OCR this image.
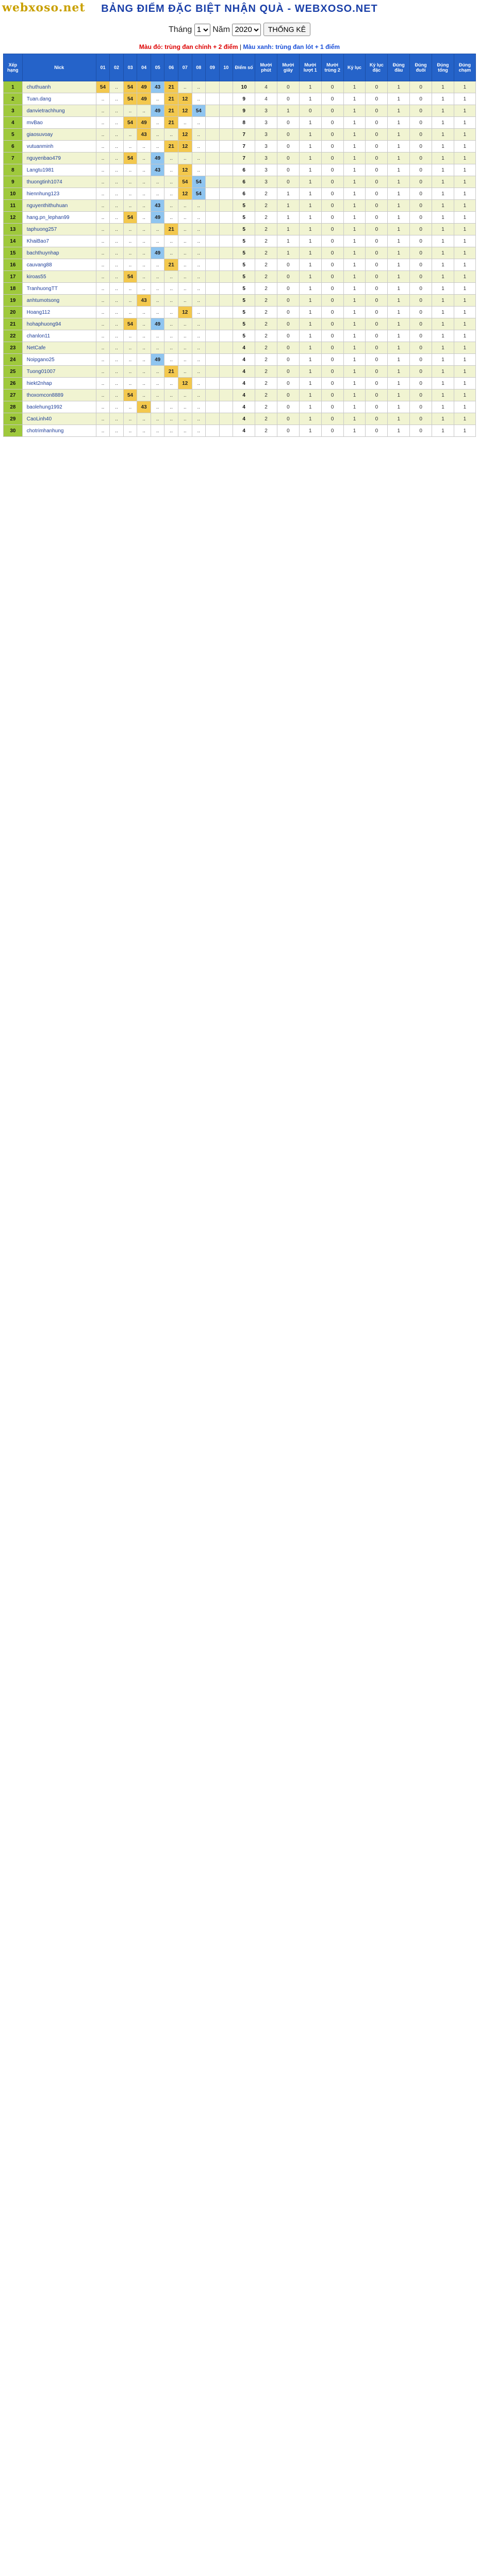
webxoso.net	BẢNG ĐIỂM ĐẶC BIỆT NHẬN QUÀ - WEBXOSO.NET
Tháng
1 Năm
2020	THỐNG KÊ
Màu đỏ: trùng đan chính + 2 điểm | Màu xanh: trùng đan lót + 1 điểm
Xếp hạng	Nick	01	02	03	04	05	06	07	08	09	10	Điểm số	Mười phút	Mười giây	Mười lượt 1	Mười trùng 2	Kỷ lục	Kỷ lục đặc	Đúng đầu	Đúng đuôi	Đúng tổng	Đúng chạm
1	chuthuanh	54	..	54	49	43	21	..	..			10	4	0	1	0	1	0	1	0	1	1
2	Tuan.dang	..	..	54	49	..	21	12	..			9	4	0	1	0	1	0	1	0	1	1
3	danvietrachhung	..	..	..	..	49	21	12	54			9	3	1	0	0	1	0	1	0	1	1
4	mvBao	..	..	54	49	..	21	..	..			8	3	0	1	0	1	0	1	0	1	1
5	giaosuvoay	..	..	..	43	..	..	12	..			7	3	0	1	0	1	0	1	0	1	1
6	vutuanminh	..	..	..	..	..	21	12	..			7	3	0	1	0	1	0	1	0	1	1
7	nguyenbao479	..	..	54	..	49	..	..	..			7	3	0	1	0	1	0	1	0	1	1
8	Langtu1981	..	..	..	..	43	..	12	..			6	3	0	1	0	1	0	1	0	1	1
9	thuongtinh1074	..	..	..	..	..	..	54	54			6	3	0	1	0	1	0	1	0	1	1
10	hiennhung123	..	..	..	..	..	..	12	54			6	2	1	1	0	1	0	1	0	1	1
11	nguyenthithuhuan	..	..	..	..	43	..	..	..			5	2	1	1	0	1	0	1	0	1	1
12	hang.pn_lephan99	..	..	54	..	49	..	..	..			5	2	1	1	0	1	0	1	0	1	1
13	taphuong257	..	..	..	..	..	21	..	..			5	2	1	1	0	1	0	1	0	1	1
14	KhaiBao7	..	..	..	..	..	..	..	..			5	2	1	1	0	1	0	1	0	1	1
15	bachthuynhap	..	..	..	..	49	..	..	..			5	2	1	1	0	1	0	1	0	1	1
16	cauvang88	..	..	..	..	..	21	..	..			5	2	0	1	0	1	0	1	0	1	1
17	kiroas55	..	..	54	..	..	..	..	..			5	2	0	1	0	1	0	1	0	1	1
18	TranhuongTT	..	..	..	..	..	..	..	..			5	2	0	1	0	1	0	1	0	1	1
19	anhtumotsong	..	..	..	43	..	..	..	..			5	2	0	1	0	1	0	1	0	1	1
20	Hoang112	..	..	..	..	..	..	12	..			5	2	0	1	0	1	0	1	0	1	1
21	hohaphuong94	..	..	54	..	49	..	..	..			5	2	0	1	0	1	0	1	0	1	1
22	chanlon11	..	..	..	..	..	..	..	..			5	2	0	1	0	1	0	1	0	1	1
23	NetCafe	..	..	..	..	..	..	..	..			4	2	0	1	0	1	0	1	0	1	1
24	Noipgano25	..	..	..	..	49	..	..	..			4	2	0	1	0	1	0	1	0	1	1
25	Tuong01007	..	..	..	..	..	21	..	..			4	2	0	1	0	1	0	1	0	1	1
26	hiekt2nhap	..	..	..	..	..	..	12	..			4	2	0	1	0	1	0	1	0	1	1
27	thoxomcon8889	..	..	54	..	..	..	..	..			4	2	0	1	0	1	0	1	0	1	1
28	baolehung1992	..	..	..	43	..	..	..	..			4	2	0	1	0	1	0	1	0	1	1
29	CaoLinh40	..	..	..	..	..	..	..	..			4	2	0	1	0	1	0	1	0	1	1
30	chotrimhanhung	..	..	..	..	..	..	..	..			4	2	0	1	0	1	0	1	0	1	1
